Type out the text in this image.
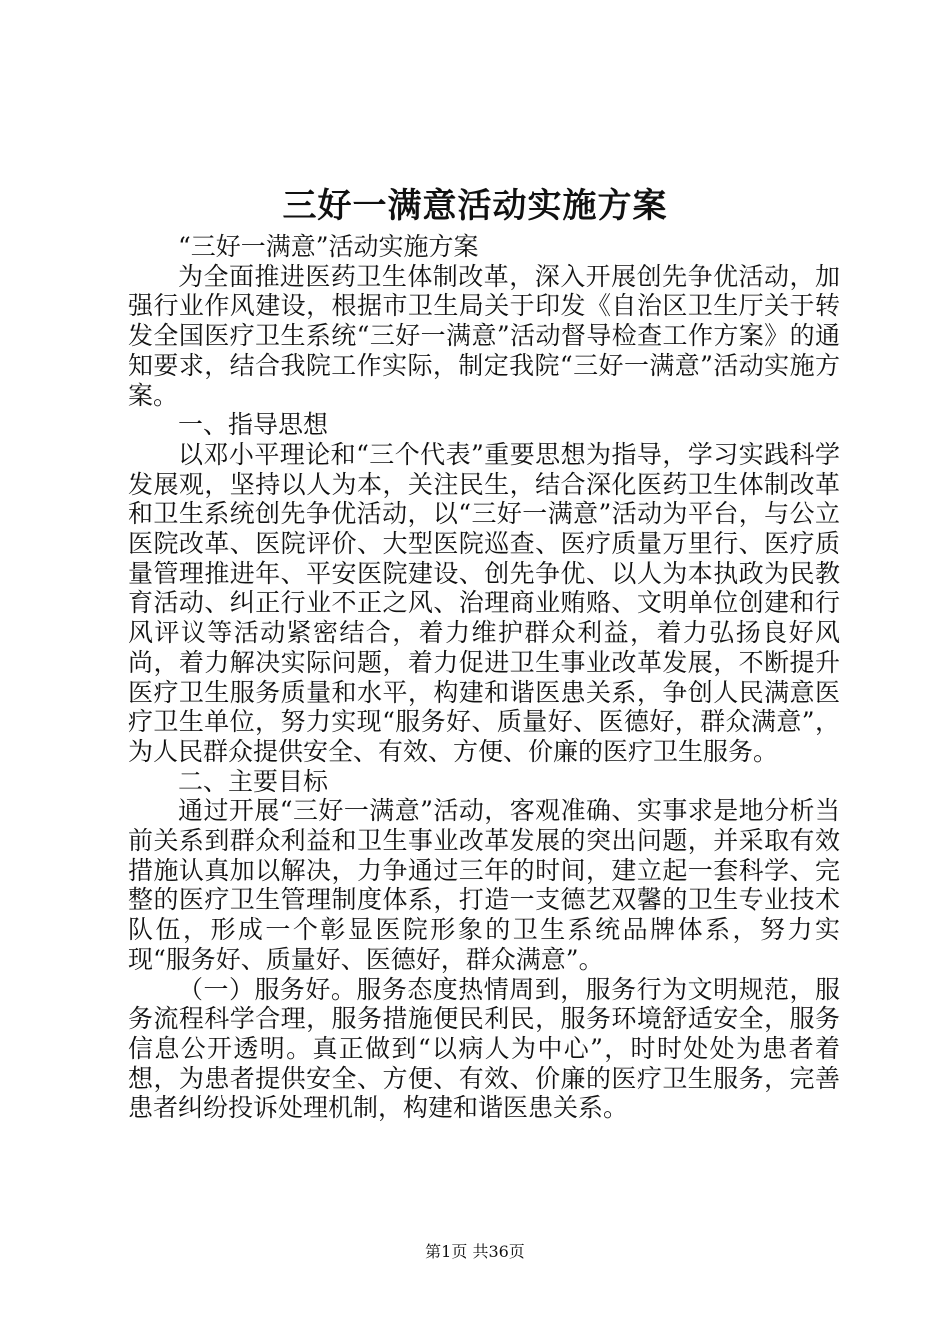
三好一满意活动实施方案

“三好一满意”活动实施方案

为全面推进医药卫生体制改革，深入开展创先争优活动，加强行业作风建设，根据市卫生局关于印发《自治区卫生厅关于转发全国医疗卫生系统“三好一满意”活动督导检查工作方案》的通知要求，结合我院工作实际，制定我院“三好一满意”活动实施方案。

一、指导思想

以邓小平理论和“三个代表”重要思想为指导，学习实践科学发展观，坚持以人为本，关注民生，结合深化医药卫生体制改革和卫生系统创先争优活动，以“三好一满意”活动为平台，与公立医院改革、医院评价、大型医院巡查、医疗质量万里行、医疗质量管理推进年、平安医院建设、创先争优、以人为本执政为民教育活动、纠正行业不正之风、治理商业贿赂、文明单位创建和行风评议等活动紧密结合，着力维护群众利益，着力弘扬良好风尚，着力解决实际问题，着力促进卫生事业改革发展，不断提升医疗卫生服务质量和水平，构建和谐医患关系，争创人民满意医疗卫生单位，努力实现“服务好、质量好、医德好，群众满意”，为人民群众提供安全、有效、方便、价廉的医疗卫生服务。

二、主要目标

通过开展“三好一满意”活动，客观准确、实事求是地分析当前关系到群众利益和卫生事业改革发展的突出问题，并采取有效措施认真加以解决，力争通过三年的时间，建立起一套科学、完整的医疗卫生管理制度体系，打造一支德艺双馨的卫生专业技术队伍，形成一个彰显医院形象的卫生系统品牌体系，努力实现“服务好、质量好、医德好，群众满意”。

（一）服务好。服务态度热情周到，服务行为文明规范，服务流程科学合理，服务措施便民利民，服务环境舒适安全，服务信息公开透明。真正做到“以病人为中心”，时时处处为患者着想，为患者提供安全、方便、有效、价廉的医疗卫生服务，完善患者纠纷投诉处理机制，构建和谐医患关系。

第1页 共36页
